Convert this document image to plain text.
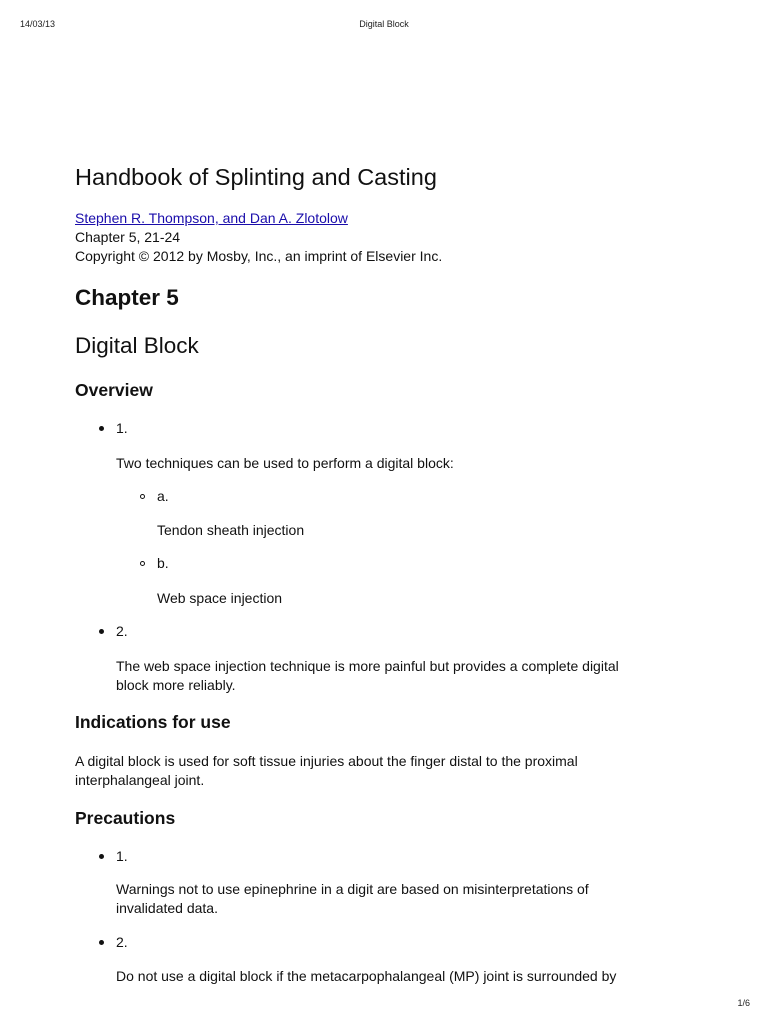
14/03/13	Digital Block
Handbook of Splinting and Casting
Stephen R. Thompson, and Dan A. Zlotolow
Chapter 5, 21-24
Copyright © 2012 by Mosby, Inc., an imprint of Elsevier Inc.
Chapter 5
Digital Block
Overview
1.
Two techniques can be used to perform a digital block:
a.
Tendon sheath injection
b.
Web space injection
2.
The web space injection technique is more painful but provides a complete digital
block more reliably.
Indications for use
A digital block is used for soft tissue injuries about the finger distal to the proximal
interphalangeal joint.
Precautions
1.
Warnings not to use epinephrine in a digit are based on misinterpretations of
invalidated data.
2.
Do not use a digital block if the metacarpophalangeal (MP) joint is surrounded by
1/6
